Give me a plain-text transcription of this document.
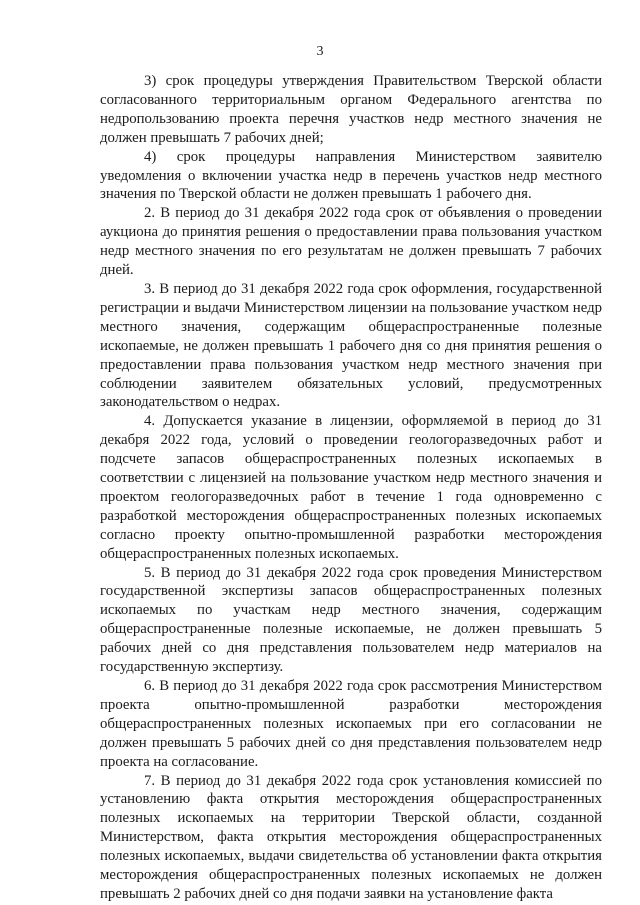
3

3) срок процедуры утверждения Правительством Тверской области согласованного территориальным органом Федерального агентства по недропользованию проекта перечня участков недр местного значения не должен превышать 7 рабочих дней;

4) срок процедуры направления Министерством заявителю уведомления о включении участка недр в перечень участков недр местного значения по Тверской области не должен превышать 1 рабочего дня.

2. В период до 31 декабря 2022 года срок от объявления о проведении аукциона до принятия решения о предоставлении права пользования участком недр местного значения по его результатам не должен превышать 7 рабочих дней.

3. В период до 31 декабря 2022 года срок оформления, государственной регистрации и выдачи Министерством лицензии на пользование участком недр местного значения, содержащим общераспространенные полезные ископаемые, не должен превышать 1 рабочего дня со дня принятия решения о предоставлении права пользования участком недр местного значения при соблюдении заявителем обязательных условий, предусмотренных законодательством о недрах.

4. Допускается указание в лицензии, оформляемой в период до 31 декабря 2022 года, условий о проведении геологоразведочных работ и подсчете запасов общераспространенных полезных ископаемых в соответствии с лицензией на пользование участком недр местного значения и проектом геологоразведочных работ в течение 1 года одновременно с разработкой месторождения общераспространенных полезных ископаемых согласно проекту опытно-промышленной разработки месторождения общераспространенных полезных ископаемых.

5. В период до 31 декабря 2022 года срок проведения Министерством государственной экспертизы запасов общераспространенных полезных ископаемых по участкам недр местного значения, содержащим общераспространенные полезные ископаемые, не должен превышать 5 рабочих дней со дня представления пользователем недр материалов на государственную экспертизу.

6. В период до 31 декабря 2022 года срок рассмотрения Министерством проекта опытно-промышленной разработки месторождения общераспространенных полезных ископаемых при его согласовании не должен превышать 5 рабочих дней со дня представления пользователем недр проекта на согласование.

7. В период до 31 декабря 2022 года срок установления комиссией по установлению факта открытия месторождения общераспространенных полезных ископаемых на территории Тверской области, созданной Министерством, факта открытия месторождения общераспространенных полезных ископаемых, выдачи свидетельства об установлении факта открытия месторождения общераспространенных полезных ископаемых не должен превышать 2 рабочих дней со дня подачи заявки на установление факта
